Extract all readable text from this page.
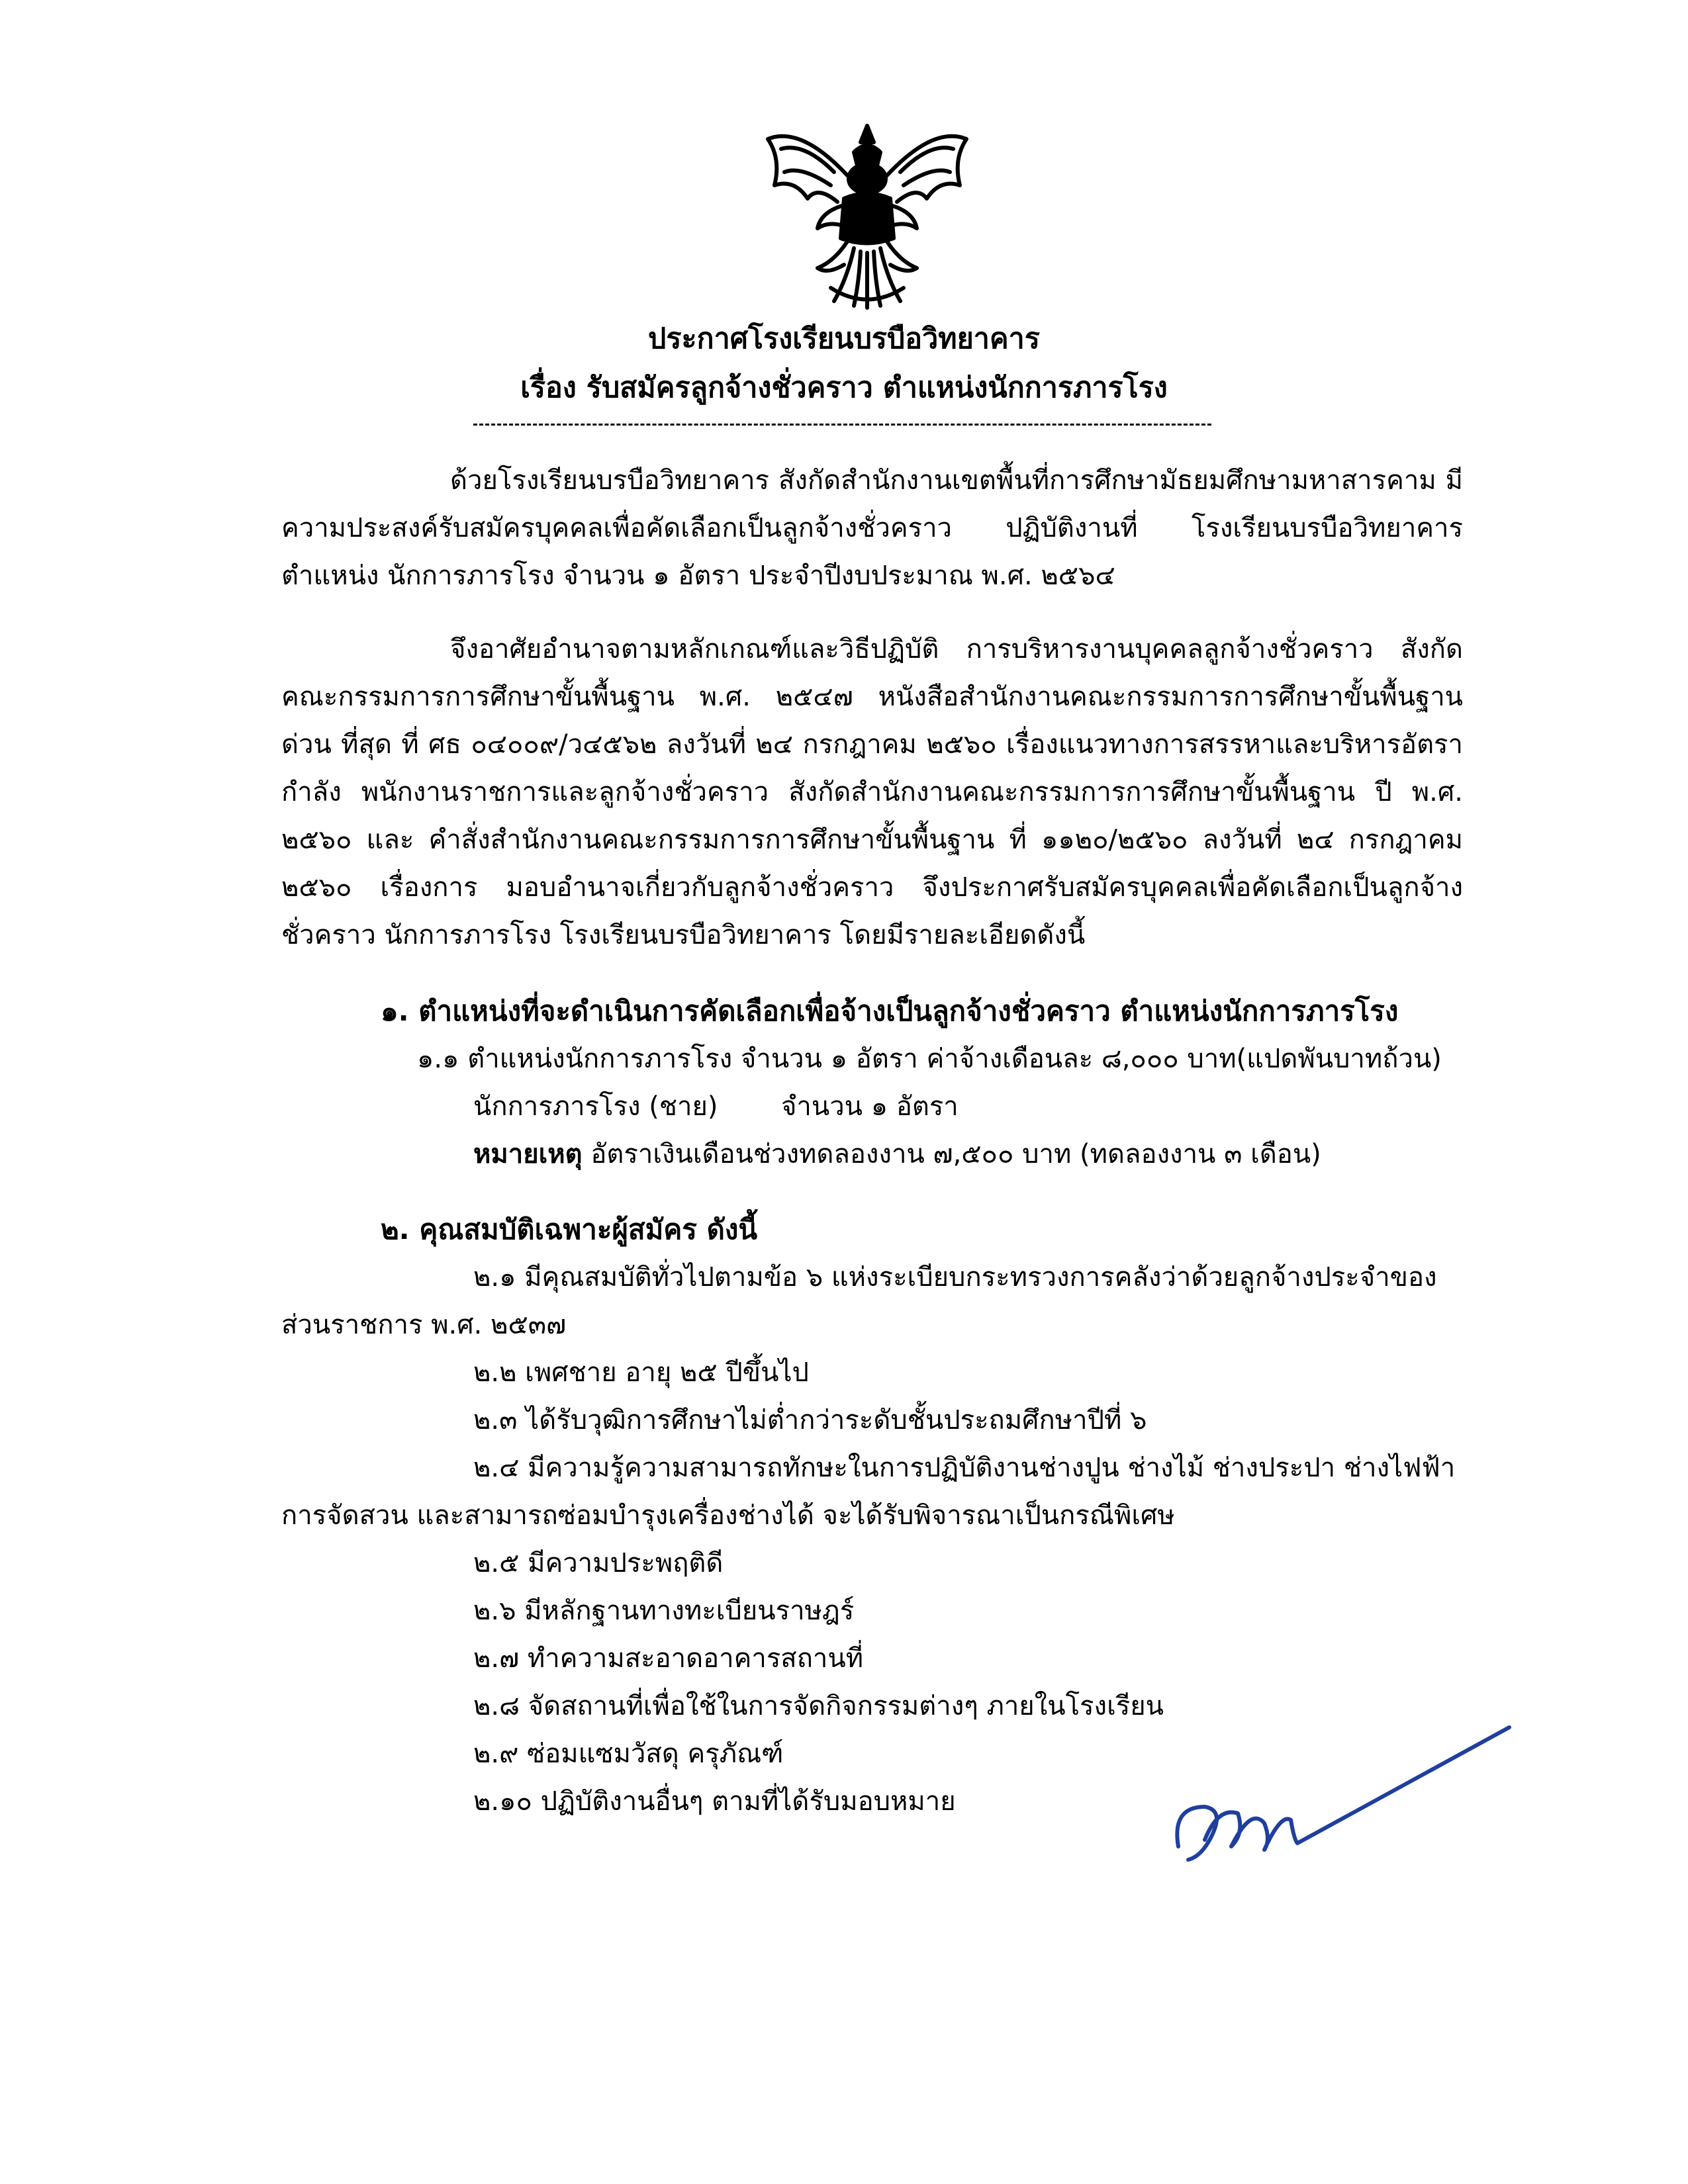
ประกาศโรงเรียนบรบือวิทยาคาร
เรื่อง รับสมัครลูกจ้างชั่วคราว ตำแหน่งนักการภารโรง
ด้วยโรงเรียนบรบือวิทยาคาร สังกัดสำนักงานเขตพื้นที่การศึกษามัธยมศึกษามหาสารคาม มีความประสงค์รับสมัครบุคคลเพื่อคัดเลือกเป็นลูกจ้างชั่วคราว ปฏิบัติงานที่ โรงเรียนบรบือวิทยาคาร ตำแหน่ง นักการภารโรง จำนวน ๑ อัตรา ประจำปีงบประมาณ พ.ศ. ๒๕๖๔
จึงอาศัยอำนาจตามหลักเกณฑ์และวิธีปฏิบัติ การบริหารงานบุคคลลูกจ้างชั่วคราว สังกัด คณะกรรมการการศึกษาขั้นพื้นฐาน พ.ศ. ๒๕๔๗ หนังสือสำนักงานคณะกรรมการการศึกษาขั้นพื้นฐาน ด่วน ที่สุด ที่ ศธ ๐๔๐๐๙/ว๔๕๖๒ ลงวันที่ ๒๔ กรกฎาคม ๒๕๖๐ เรื่องแนวทางการสรรหาและบริหารอัตรากำลัง พนักงานราชการและลูกจ้างชั่วคราว สังกัดสำนักงานคณะกรรมการการศึกษาขั้นพื้นฐาน ปี พ.ศ. ๒๕๖๐ และ คำสั่งสำนักงานคณะกรรมการการศึกษาขั้นพื้นฐาน ที่ ๑๑๒๐/๒๕๖๐ ลงวันที่ ๒๔ กรกฎาคม ๒๕๖๐ เรื่องการ มอบอำนาจเกี่ยวกับลูกจ้างชั่วคราว จึงประกาศรับสมัครบุคคลเพื่อคัดเลือกเป็นลูกจ้างชั่วคราว นักการภารโรง โรงเรียนบรบือวิทยาคาร โดยมีรายละเอียดดังนี้
๑. ตำแหน่งที่จะดำเนินการคัดเลือกเพื่อจ้างเป็นลูกจ้างชั่วคราว ตำแหน่งนักการภารโรง
๑.๑ ตำแหน่งนักการภารโรง จำนวน ๑ อัตรา ค่าจ้างเดือนละ ๘,๐๐๐ บาท(แปดพันบาทถ้วน)
นักการภารโรง (ชาย) จำนวน ๑ อัตรา
หมายเหตุ อัตราเงินเดือนช่วงทดลองงาน ๗,๕๐๐ บาท (ทดลองงาน ๓ เดือน)
๒. คุณสมบัติเฉพาะผู้สมัคร ดังนี้
๒.๑ มีคุณสมบัติทั่วไปตามข้อ ๖ แห่งระเบียบกระทรวงการคลังว่าด้วยลูกจ้างประจำของ
ส่วนราชการ พ.ศ. ๒๕๓๗
๒.๒ เพศชาย อายุ ๒๕ ปีขึ้นไป
๒.๓ ได้รับวุฒิการศึกษาไม่ต่ำกว่าระดับชั้นประถมศึกษาปีที่ ๖
๒.๔ มีความรู้ความสามารถทักษะในการปฏิบัติงานช่างปูน ช่างไม้ ช่างประปา ช่างไฟฟ้า
การจัดสวน และสามารถซ่อมบำรุงเครื่องช่างได้ จะได้รับพิจารณาเป็นกรณีพิเศษ
๒.๕ มีความประพฤติดี
๒.๖ มีหลักฐานทางทะเบียนราษฎร์
๒.๗ ทำความสะอาดอาคารสถานที่
๒.๘ จัดสถานที่เพื่อใช้ในการจัดกิจกรรมต่างๆ ภายในโรงเรียน
๒.๙ ซ่อมแซมวัสดุ ครุภัณฑ์
๒.๑๐ ปฏิบัติงานอื่นๆ ตามที่ได้รับมอบหมาย
